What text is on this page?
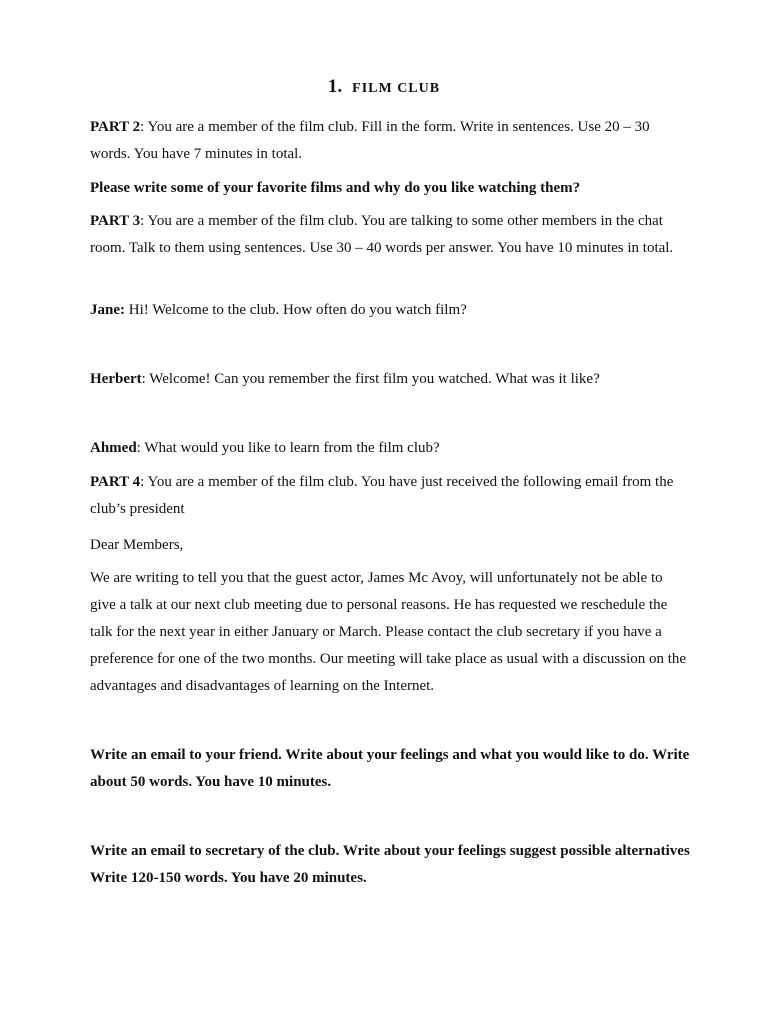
1. FILM CLUB

PART 2: You are a member of the film club. Fill in the form. Write in sentences. Use 20 – 30 words. You have 7 minutes in total.

Please write some of your favorite films and why do you like watching them?

PART 3: You are a member of the film club. You are talking to some other members in the chat room. Talk to them using sentences. Use 30 – 40 words per answer. You have 10 minutes in total.

Jane: Hi! Welcome to the club. How often do you watch film?

Herbert: Welcome! Can you remember the first film you watched. What was it like?

Ahmed: What would you like to learn from the film club?

PART 4: You are a member of the film club. You have just received the following email from the club’s president

Dear Members,

We are writing to tell you that the guest actor, James Mc Avoy, will unfortunately not be able to give a talk at our next club meeting due to personal reasons. He has requested we reschedule the talk for the next year in either January or March. Please contact the club secretary if you have a preference for one of the two months. Our meeting will take place as usual with a discussion on the advantages and disadvantages of learning on the Internet.

Write an email to your friend. Write about your feelings and what you would like to do. Write about 50 words. You have 10 minutes.

Write an email to secretary of the club. Write about your feelings suggest possible alternatives Write 120-150 words. You have 20 minutes.
